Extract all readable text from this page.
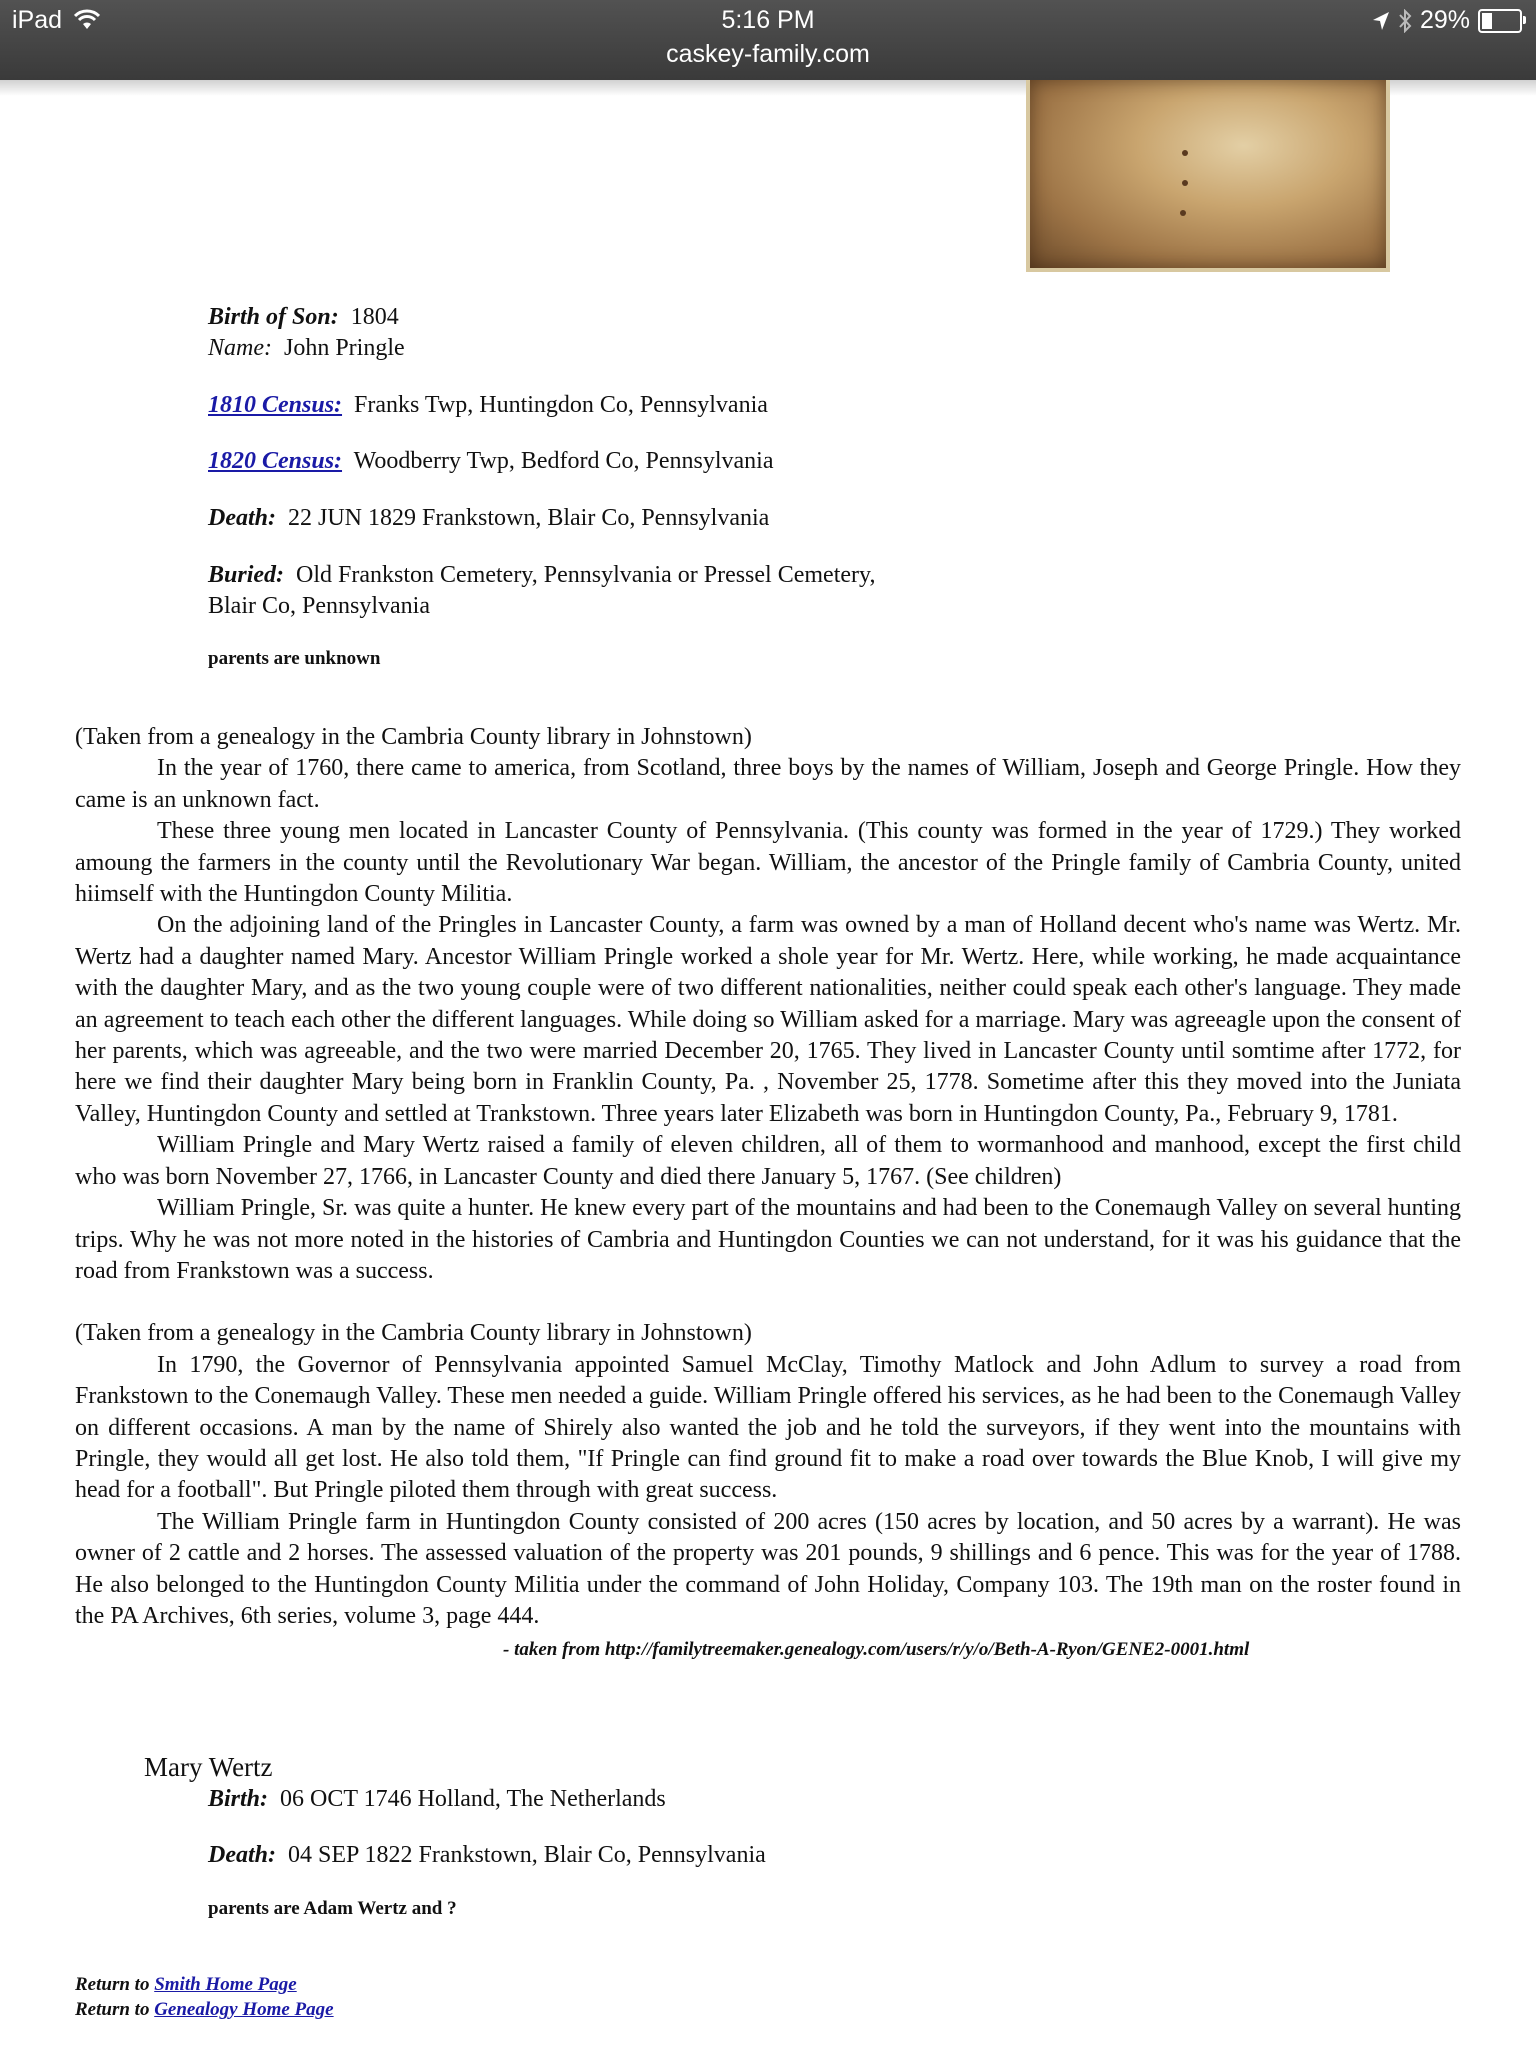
iPad	5:16 PM
caskey-family.com
29%
Birth of Son: 1804
Name: John Pringle
1810 Census: Franks Twp, Huntingdon Co, Pennsylvania
1820 Census: Woodberry Twp, Bedford Co, Pennsylvania
Death: 22 JUN 1829 Frankstown, Blair Co, Pennsylvania
Buried: Old Frankston Cemetery, Pennsylvania or Pressel Cemetery,
Blair Co, Pennsylvania
parents are unknown

(Taken from a genealogy in the Cambria County library in Johnstown)

In the year of 1760, there came to america, from Scotland, three boys by the names of William, Joseph and George Pringle. How they came is an unknown fact.

These three young men located in Lancaster County of Pennsylvania. (This county was formed in the year of 1729.) They worked amoung the farmers in the county until the Revolutionary War began. William, the ancestor of the Pringle family of Cambria County, united hiimself with the Huntingdon County Militia.

On the adjoining land of the Pringles in Lancaster County, a farm was owned by a man of Holland decent who's name was Wertz. Mr. Wertz had a daughter named Mary. Ancestor William Pringle worked a shole year for Mr. Wertz. Here, while working, he made acquaintance with the daughter Mary, and as the two young couple were of two different nationalities, neither could speak each other's language. They made an agreement to teach each other the different languages. While doing so William asked for a marriage. Mary was agreeagle upon the consent of her parents, which was agreeable, and the two were married December 20, 1765. They lived in Lancaster County until somtime after 1772, for here we find their daughter Mary being born in Franklin County, Pa. , November 25, 1778. Sometime after this they moved into the Juniata Valley, Huntingdon County and settled at Trankstown. Three years later Elizabeth was born in Huntingdon County, Pa., February 9, 1781.

William Pringle and Mary Wertz raised a family of eleven children, all of them to wormanhood and manhood, except the first child who was born November 27, 1766, in Lancaster County and died there January 5, 1767. (See children)

William Pringle, Sr. was quite a hunter. He knew every part of the mountains and had been to the Conemaugh Valley on several hunting trips. Why he was not more noted in the histories of Cambria and Huntingdon Counties we can not understand, for it was his guidance that the road from Frankstown was a success.

(Taken from a genealogy in the Cambria County library in Johnstown)

In 1790, the Governor of Pennsylvania appointed Samuel McClay, Timothy Matlock and John Adlum to survey a road from Frankstown to the Conemaugh Valley. These men needed a guide. William Pringle offered his services, as he had been to the Conemaugh Valley on different occasions. A man by the name of Shirely also wanted the job and he told the surveyors, if they went into the mountains with Pringle, they would all get lost. He also told them, "If Pringle can find ground fit to make a road over towards the Blue Knob, I will give my head for a football". But Pringle piloted them through with great success.

The William Pringle farm in Huntingdon County consisted of 200 acres (150 acres by location, and 50 acres by a warrant). He was owner of 2 cattle and 2 horses. The assessed valuation of the property was 201 pounds, 9 shillings and 6 pence. This was for the year of 1788. He also belonged to the Huntingdon County Militia under the command of John Holiday, Company 103. The 19th man on the roster found in the PA Archives, 6th series, volume 3, page 444.

- taken from http://familytreemaker.genealogy.com/users/r/y/o/Beth-A-Ryon/GENE2-0001.html
Mary Wertz
Birth: 06 OCT 1746 Holland, The Netherlands
Death: 04 SEP 1822 Frankstown, Blair Co, Pennsylvania
parents are Adam Wertz and ?
Return to Smith Home Page
Return to Genealogy Home Page
